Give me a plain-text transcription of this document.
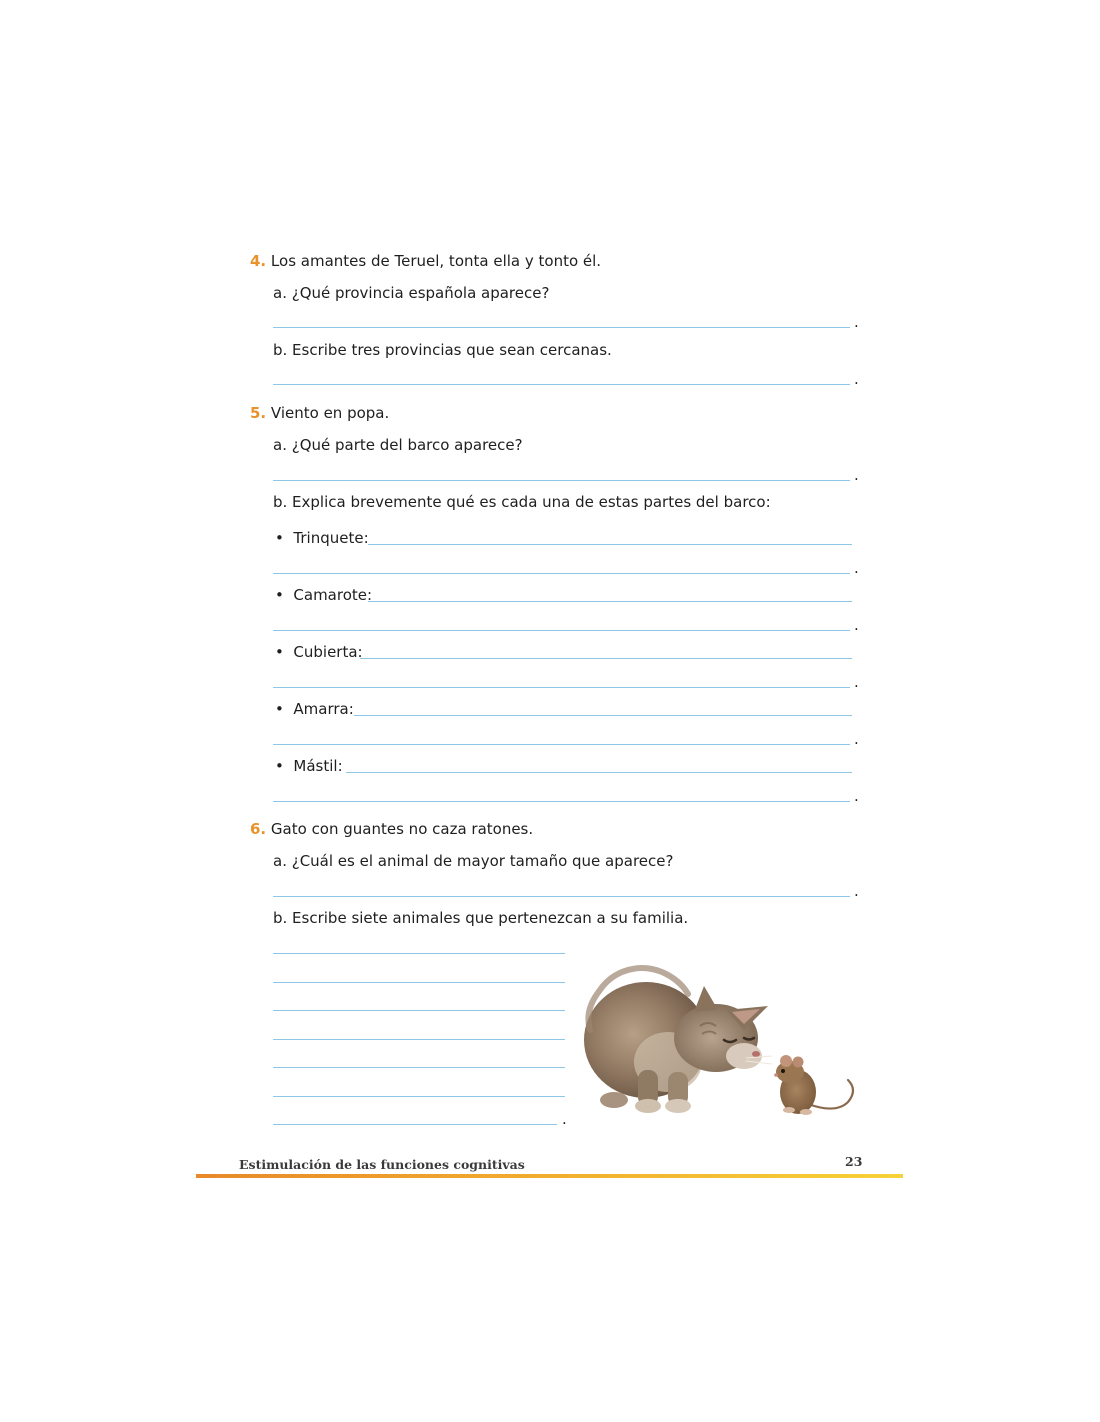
4. Los amantes de Teruel, tonta ella y tonto él.
a. ¿Qué provincia española aparece?
.
b. Escribe tres provincias que sean cercanas.
.
5. Viento en popa.
a. ¿Qué parte del barco aparece?
.
b. Explica brevemente qué es cada una de estas partes del barco:
• Trinquete:
.
• Camarote:
.
• Cubierta:
.
• Amarra:
.
• Mástil:
.
6. Gato con guantes no caza ratones.
a. ¿Cuál es el animal de mayor tamaño que aparece?
.
b. Escribe siete animales que pertenezcan a su familia.
.
Estimulación de las funciones cognitivas	23
